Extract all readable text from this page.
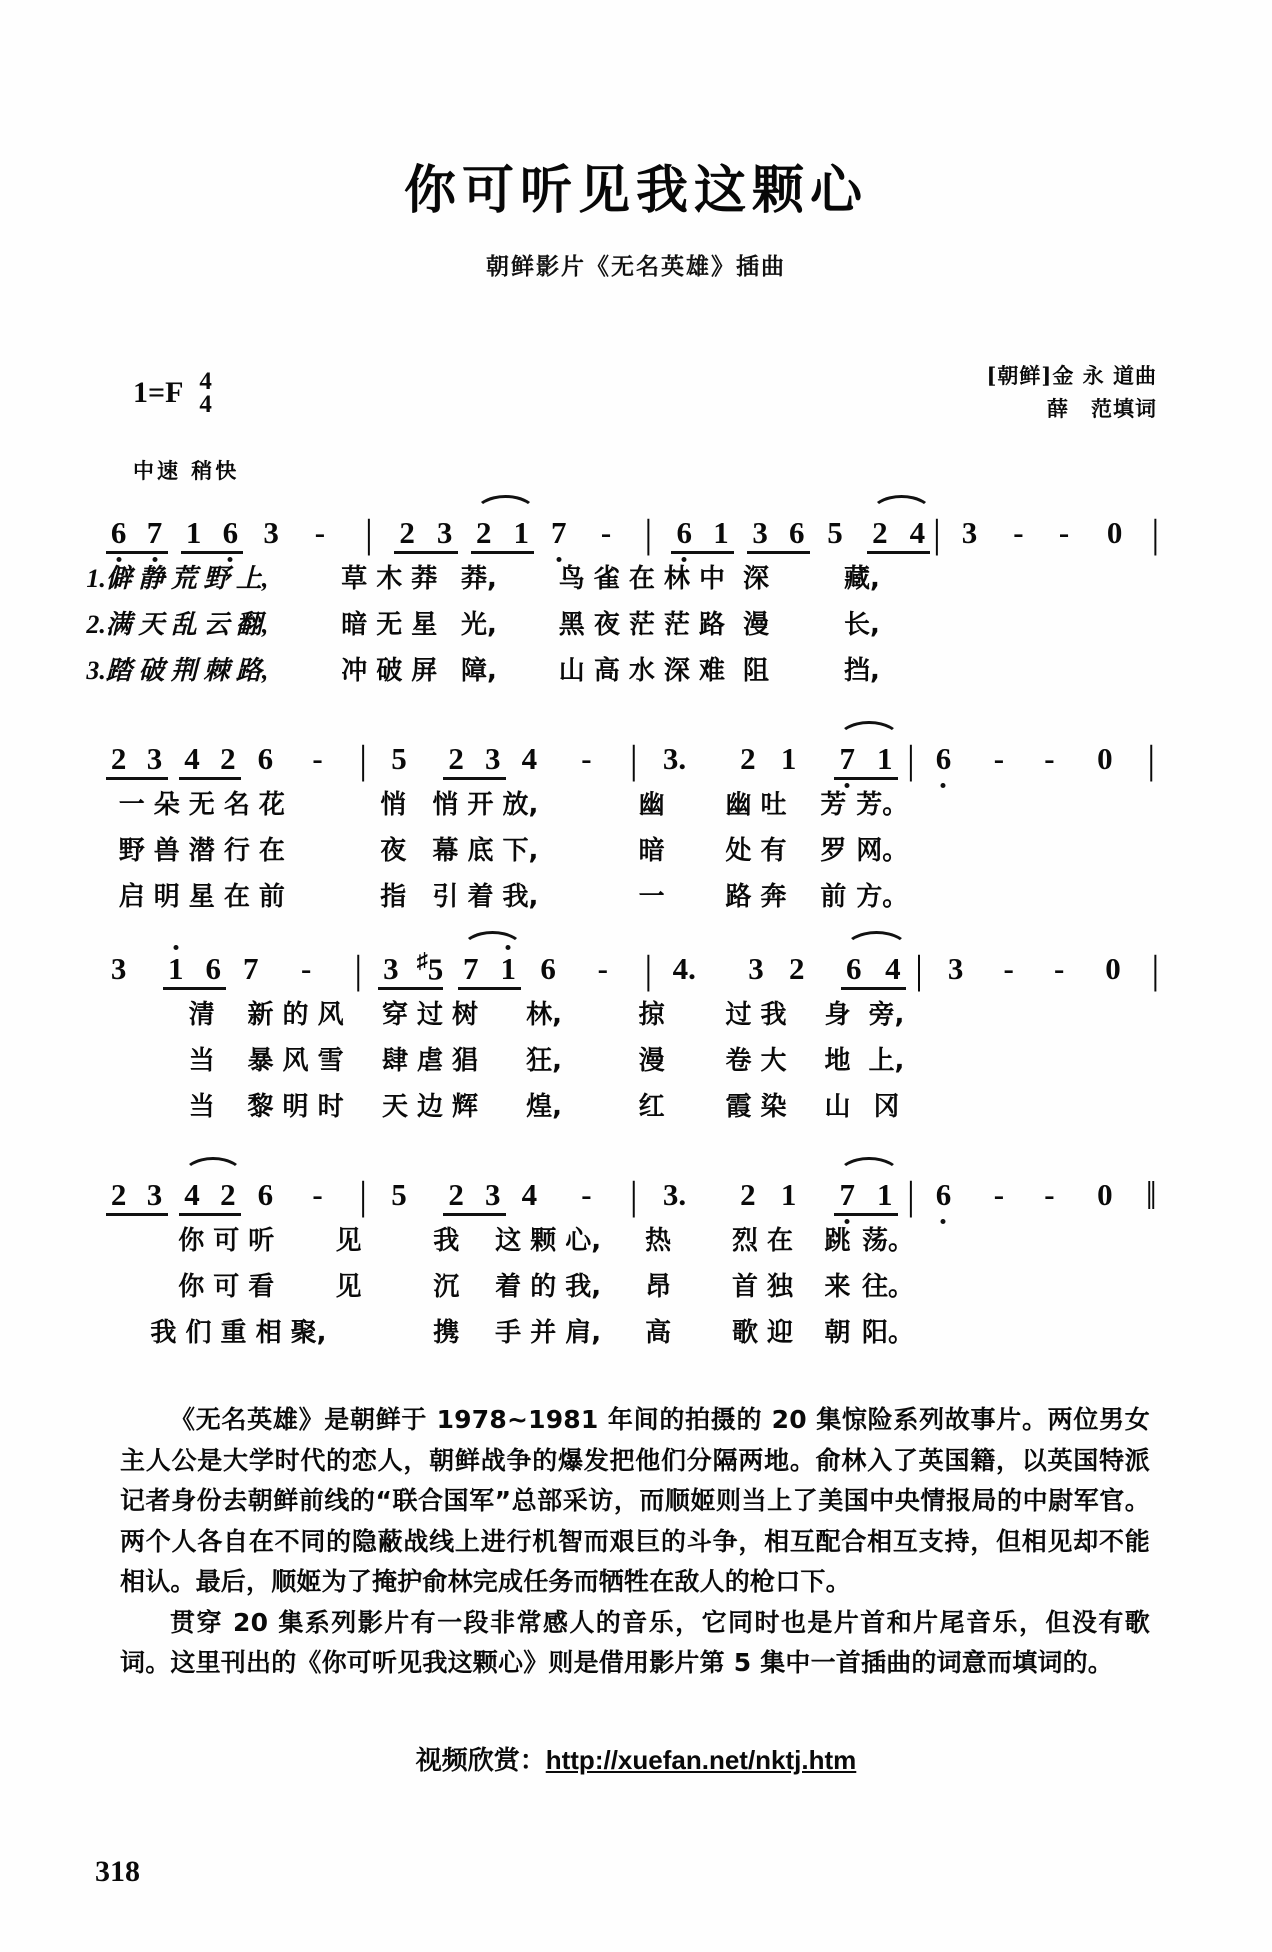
你可听见我这颗心
朝鲜影片《无名英雄》插曲
1=F 4
4
[朝鲜]金 永 道曲
薛　范填词
中速 稍快
6 7 1 6 3 - | 2 3 2 1 7 - | 6 1 3 6 5 2 4 | 3 - - 0 |
1.僻 静 荒 野 上,	草 木 莽 莽, 鸟 雀 在 林 中 深	藏,
2.满 天 乱 云 翻,	暗 无 星 光, 黑 夜 茫 茫 路 漫	长,
3.踏 破 荆 棘 路,	冲 破 屏 障, 山 高 水 深 难 阻	挡,
2 3 4 2 6 - | 5 2 3 4 - | 3. 2 1 7 1 | 6 - - 0 |
一 朵 无 名 花	悄 悄 开 放,	幽 幽 吐 芳 芳。
野 兽 潜 行 在	夜 幕 底 下,	暗 处 有 罗 网。
启 明 星 在 前	指 引 着 我,	一 路 奔 前 方。
3 1 6 7 - | 3 ♯5 7 1 6 - | 4. 3 2 6 4 | 3 - - 0 |
清 新 的 风 穿 过 树 林,	掠 过 我 身 旁,
当 暴 风 雪 肆 虐 猖 狂,	漫 卷 大 地 上,
当 黎 明 时 天 边 辉 煌,	红 霞 染 山 冈
2 3 4 2 6 - | 5 2 3 4 - | 3. 2 1 7 1 | 6 - - 0 ‖
你 可 听 见	我 这 颗 心, 热 烈 在 跳 荡。
你 可 看 见	沉 着 的 我, 昂 首 独 来 往。
我 们 重 相 聚,	携 手 并 肩, 高 歌 迎 朝 阳。

《无名英雄》是朝鲜于 1978~1981 年间的拍摄的 20 集惊险系列故事片。两位男女主人公是大学时代的恋人，朝鲜战争的爆发把他们分隔两地。俞林入了英国籍，以英国特派记者身份去朝鲜前线的“联合国军”总部采访，而顺姬则当上了美国中央情报局的中尉军官。两个人各自在不同的隐蔽战线上进行机智而艰巨的斗争，相互配合相互支持，但相见却不能相认。最后，顺姬为了掩护俞林完成任务而牺牲在敌人的枪口下。

贯穿 20 集系列影片有一段非常感人的音乐，它同时也是片首和片尾音乐，但没有歌词。这里刊出的《你可听见我这颗心》则是借用影片第 5 集中一首插曲的词意而填词的。

视频欣赏：http://xuefan.net/nktj.htm
318
